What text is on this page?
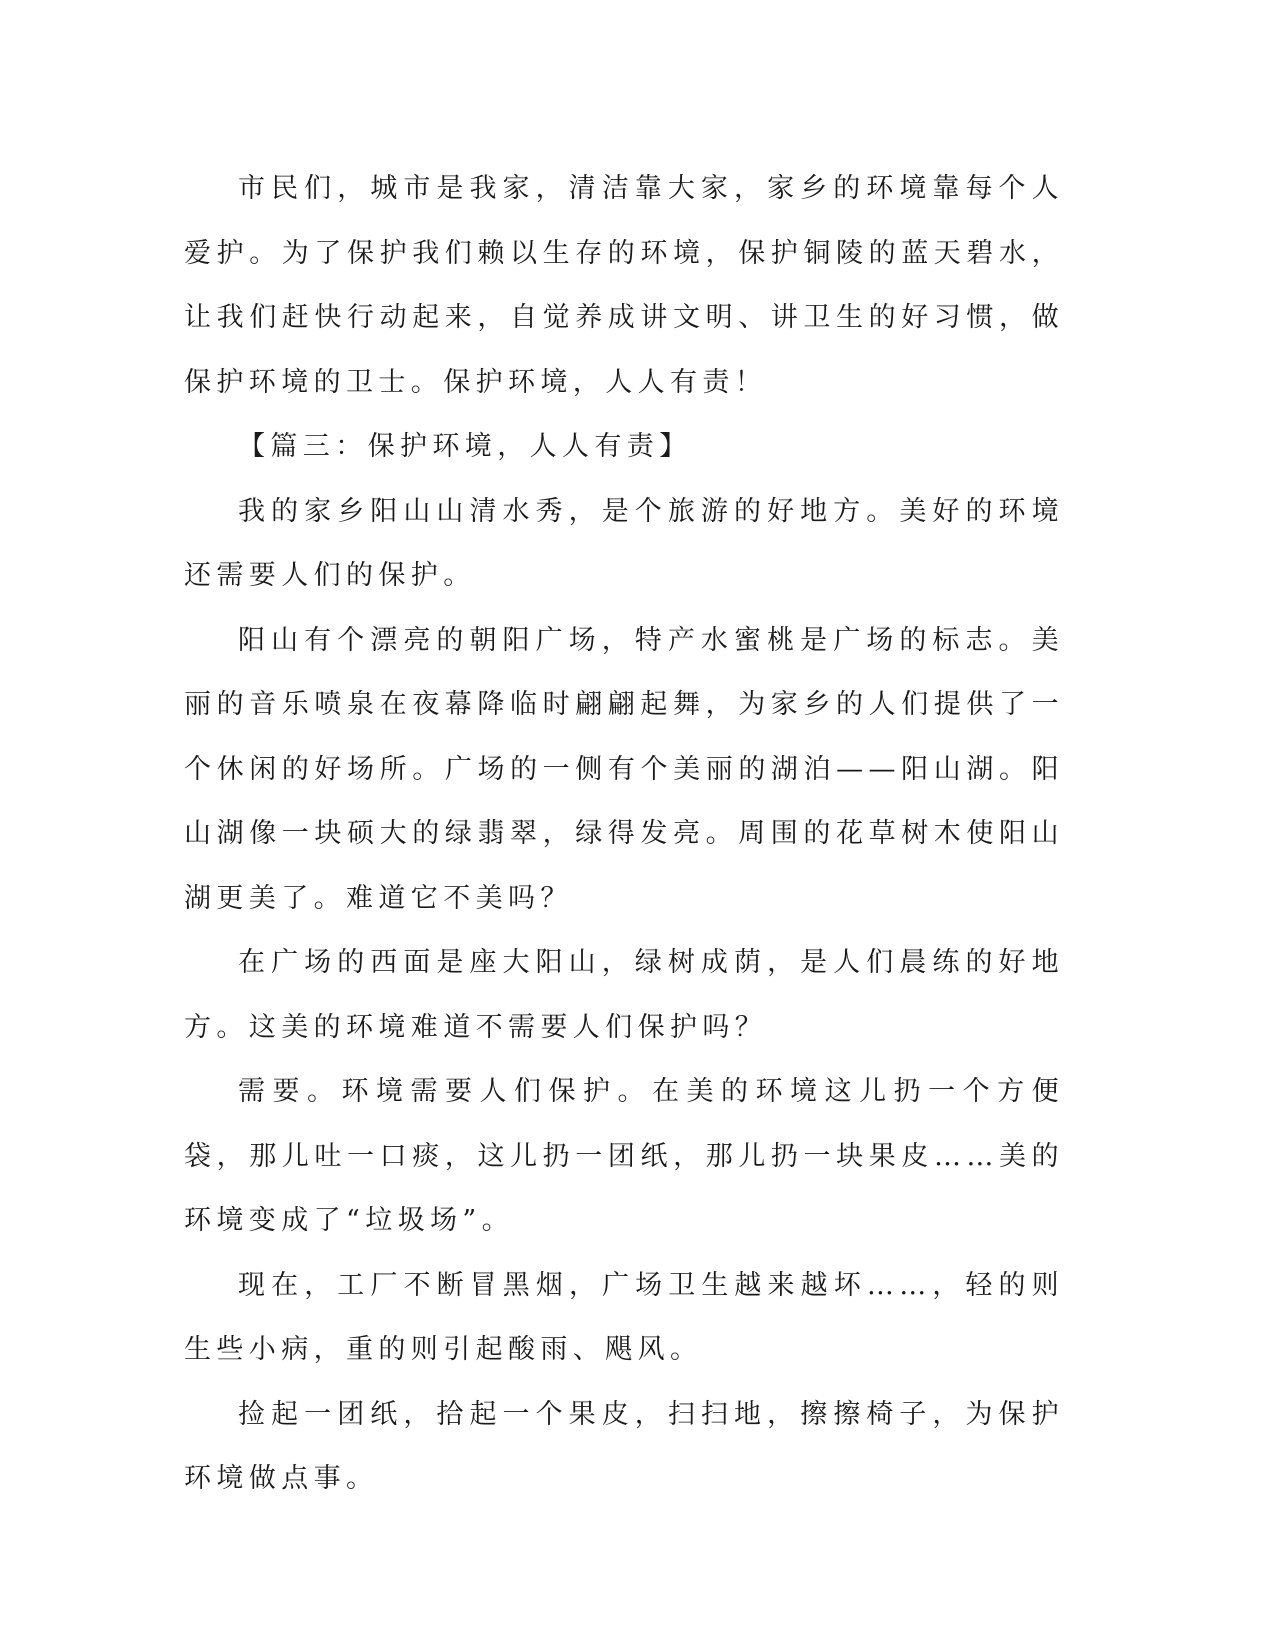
市民们，城市是我家，清洁靠大家，家乡的环境靠每个人爱护。为了保护我们赖以生存的环境，保护铜陵的蓝天碧水，让我们赶快行动起来，自觉养成讲文明、讲卫生的好习惯，做保护环境的卫士。保护环境，人人有责！

【篇三：保护环境，人人有责】

我的家乡阳山山清水秀，是个旅游的好地方。美好的环境还需要人们的保护。

阳山有个漂亮的朝阳广场，特产水蜜桃是广场的标志。美丽的音乐喷泉在夜幕降临时翩翩起舞，为家乡的人们提供了一个休闲的好场所。广场的一侧有个美丽的湖泊——阳山湖。阳山湖像一块硕大的绿翡翠，绿得发亮。周围的花草树木使阳山湖更美了。难道它不美吗？

在广场的西面是座大阳山，绿树成荫，是人们晨练的好地方。这美的环境难道不需要人们保护吗？

需要。环境需要人们保护。在美的环境这儿扔一个方便袋，那儿吐一口痰，这儿扔一团纸，那儿扔一块果皮……美的环境变成了“垃圾场”。

现在，工厂不断冒黑烟，广场卫生越来越坏……，轻的则生些小病，重的则引起酸雨、飓风。

捡起一团纸，拾起一个果皮，扫扫地，擦擦椅子，为保护环境做点事。
